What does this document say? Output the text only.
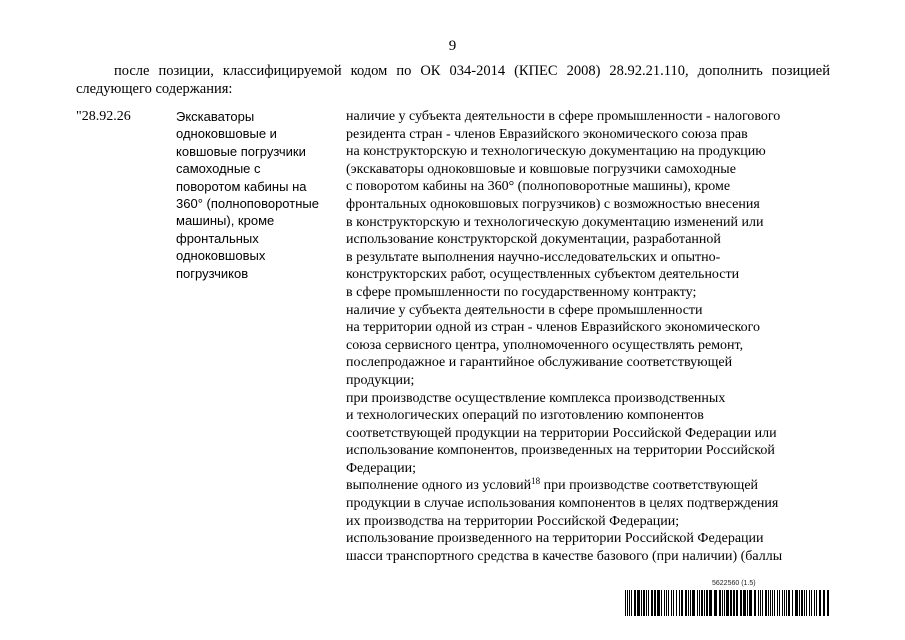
9
после позиции, классифицируемой кодом по ОК 034-2014 (КПЕС 2008) 28.92.21.110, дополнить позицией следующего содержания:
"28.92.26	Экскаваторы
одноковшовые и
ковшовые погрузчики
самоходные с
поворотом кабины на
360° (полноповоротные
машины), кроме
фронтальных
одноковшовых
погрузчиков
наличие у субъекта деятельности в сфере промышленности - налогового
резидента стран - членов Евразийского экономического союза прав
на конструкторскую и технологическую документацию на продукцию
(экскаваторы одноковшовые и ковшовые погрузчики самоходные
с поворотом кабины на 360° (полноповоротные машины), кроме
фронтальных одноковшовых погрузчиков) с возможностью внесения
в конструкторскую и технологическую документацию изменений или
использование конструкторской документации, разработанной
в результате выполнения научно-исследовательских и опытно-
конструкторских работ, осуществленных субъектом деятельности
в сфере промышленности по государственному контракту;
наличие у субъекта деятельности в сфере промышленности
на территории одной из стран - членов Евразийского экономического
союза сервисного центра, уполномоченного осуществлять ремонт,
послепродажное и гарантийное обслуживание соответствующей
продукции;
при производстве осуществление комплекса производственных
и технологических операций по изготовлению компонентов
соответствующей продукции на территории Российской Федерации или
использование компонентов, произведенных на территории Российской
Федерации;
выполнение одного из условий$^{18}$ при производстве соответствующей
продукции в случае использования компонентов в целях подтверждения
их производства на территории Российской Федерации;
использование произведенного на территории Российской Федерации
шасси транспортного средства в качестве базового (при наличии) (баллы
5622560 (1.5)
